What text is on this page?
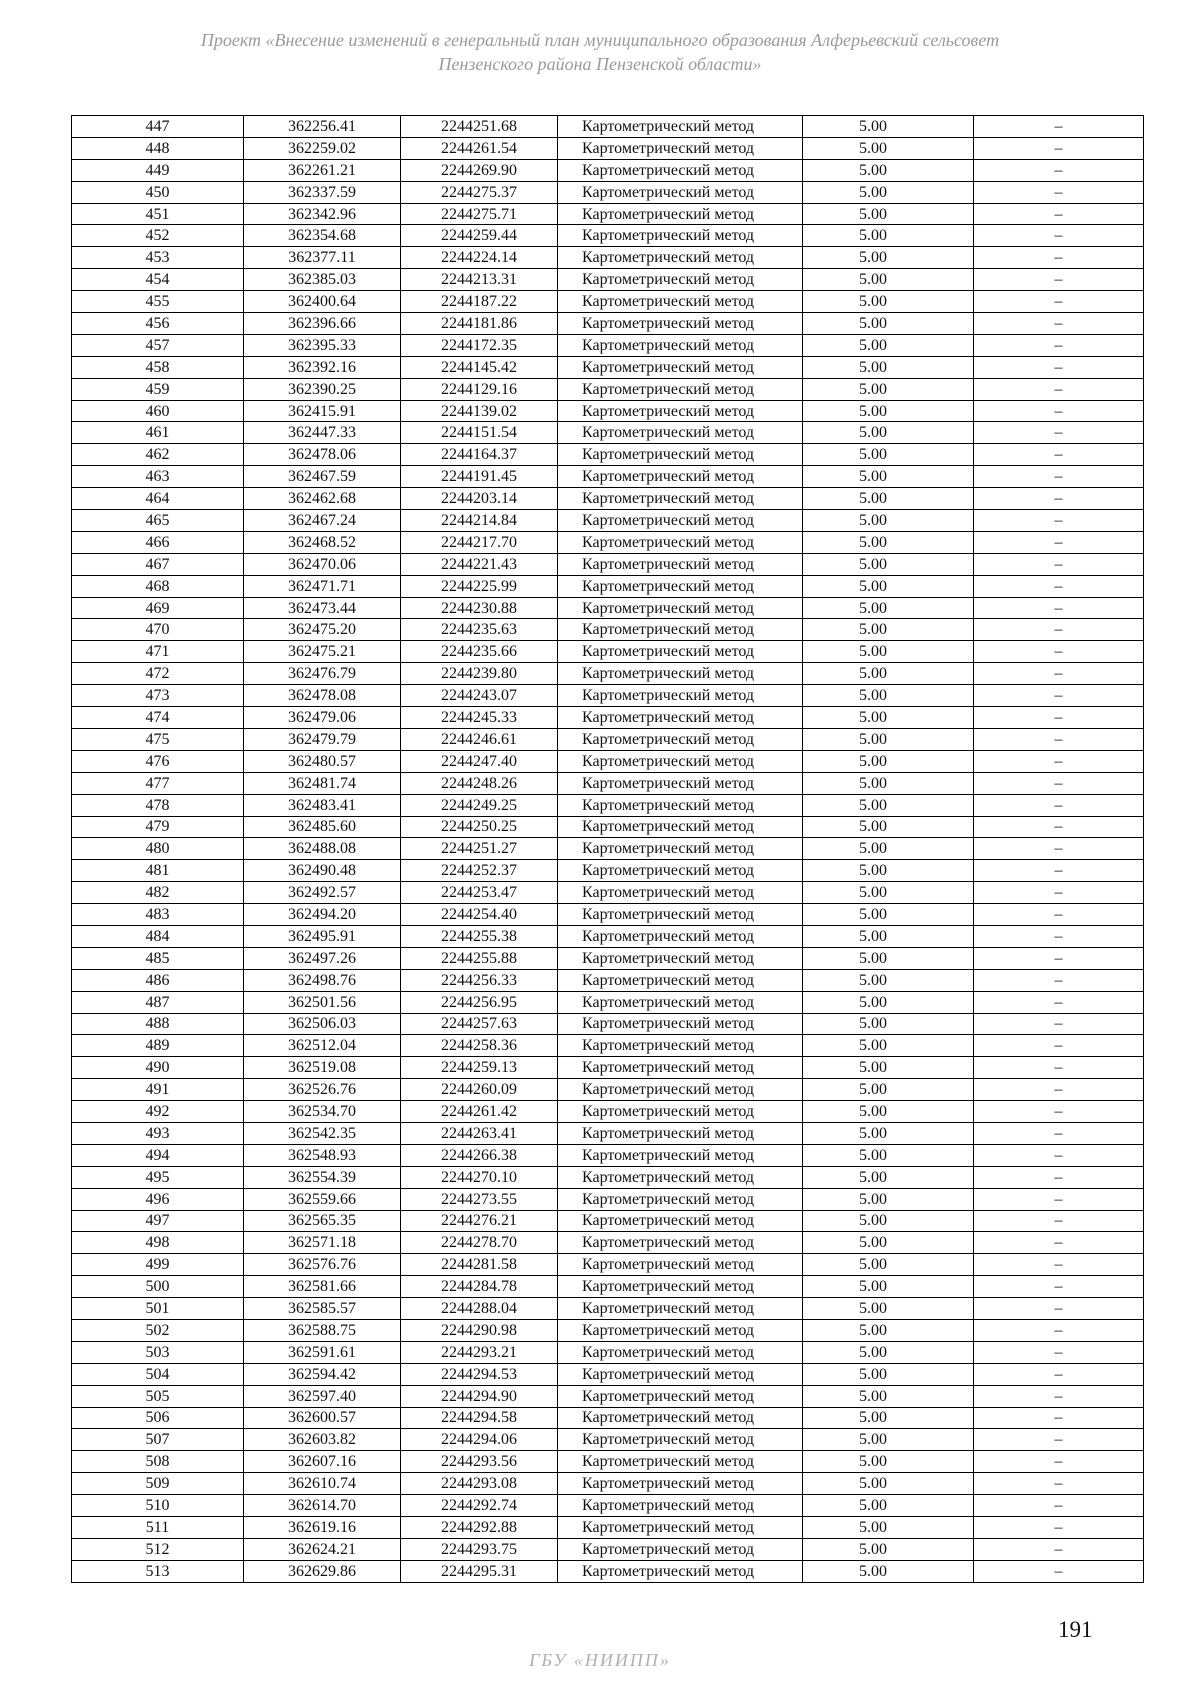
Проект «Внесение изменений в генеральный план муниципального образования Алферьевский сельсовет
Пензенского района Пензенской области»
447	362256.41	2244251.68	Картометрический метод	5.00	–
448	362259.02	2244261.54	Картометрический метод	5.00	–
449	362261.21	2244269.90	Картометрический метод	5.00	–
450	362337.59	2244275.37	Картометрический метод	5.00	–
451	362342.96	2244275.71	Картометрический метод	5.00	–
452	362354.68	2244259.44	Картометрический метод	5.00	–
453	362377.11	2244224.14	Картометрический метод	5.00	–
454	362385.03	2244213.31	Картометрический метод	5.00	–
455	362400.64	2244187.22	Картометрический метод	5.00	–
456	362396.66	2244181.86	Картометрический метод	5.00	–
457	362395.33	2244172.35	Картометрический метод	5.00	–
458	362392.16	2244145.42	Картометрический метод	5.00	–
459	362390.25	2244129.16	Картометрический метод	5.00	–
460	362415.91	2244139.02	Картометрический метод	5.00	–
461	362447.33	2244151.54	Картометрический метод	5.00	–
462	362478.06	2244164.37	Картометрический метод	5.00	–
463	362467.59	2244191.45	Картометрический метод	5.00	–
464	362462.68	2244203.14	Картометрический метод	5.00	–
465	362467.24	2244214.84	Картометрический метод	5.00	–
466	362468.52	2244217.70	Картометрический метод	5.00	–
467	362470.06	2244221.43	Картометрический метод	5.00	–
468	362471.71	2244225.99	Картометрический метод	5.00	–
469	362473.44	2244230.88	Картометрический метод	5.00	–
470	362475.20	2244235.63	Картометрический метод	5.00	–
471	362475.21	2244235.66	Картометрический метод	5.00	–
472	362476.79	2244239.80	Картометрический метод	5.00	–
473	362478.08	2244243.07	Картометрический метод	5.00	–
474	362479.06	2244245.33	Картометрический метод	5.00	–
475	362479.79	2244246.61	Картометрический метод	5.00	–
476	362480.57	2244247.40	Картометрический метод	5.00	–
477	362481.74	2244248.26	Картометрический метод	5.00	–
478	362483.41	2244249.25	Картометрический метод	5.00	–
479	362485.60	2244250.25	Картометрический метод	5.00	–
480	362488.08	2244251.27	Картометрический метод	5.00	–
481	362490.48	2244252.37	Картометрический метод	5.00	–
482	362492.57	2244253.47	Картометрический метод	5.00	–
483	362494.20	2244254.40	Картометрический метод	5.00	–
484	362495.91	2244255.38	Картометрический метод	5.00	–
485	362497.26	2244255.88	Картометрический метод	5.00	–
486	362498.76	2244256.33	Картометрический метод	5.00	–
487	362501.56	2244256.95	Картометрический метод	5.00	–
488	362506.03	2244257.63	Картометрический метод	5.00	–
489	362512.04	2244258.36	Картометрический метод	5.00	–
490	362519.08	2244259.13	Картометрический метод	5.00	–
491	362526.76	2244260.09	Картометрический метод	5.00	–
492	362534.70	2244261.42	Картометрический метод	5.00	–
493	362542.35	2244263.41	Картометрический метод	5.00	–
494	362548.93	2244266.38	Картометрический метод	5.00	–
495	362554.39	2244270.10	Картометрический метод	5.00	–
496	362559.66	2244273.55	Картометрический метод	5.00	–
497	362565.35	2244276.21	Картометрический метод	5.00	–
498	362571.18	2244278.70	Картометрический метод	5.00	–
499	362576.76	2244281.58	Картометрический метод	5.00	–
500	362581.66	2244284.78	Картометрический метод	5.00	–
501	362585.57	2244288.04	Картометрический метод	5.00	–
502	362588.75	2244290.98	Картометрический метод	5.00	–
503	362591.61	2244293.21	Картометрический метод	5.00	–
504	362594.42	2244294.53	Картометрический метод	5.00	–
505	362597.40	2244294.90	Картометрический метод	5.00	–
506	362600.57	2244294.58	Картометрический метод	5.00	–
507	362603.82	2244294.06	Картометрический метод	5.00	–
508	362607.16	2244293.56	Картометрический метод	5.00	–
509	362610.74	2244293.08	Картометрический метод	5.00	–
510	362614.70	2244292.74	Картометрический метод	5.00	–
511	362619.16	2244292.88	Картометрический метод	5.00	–
512	362624.21	2244293.75	Картометрический метод	5.00	–
513	362629.86	2244295.31	Картометрический метод	5.00	–
191
ГБУ «НИИПП»
